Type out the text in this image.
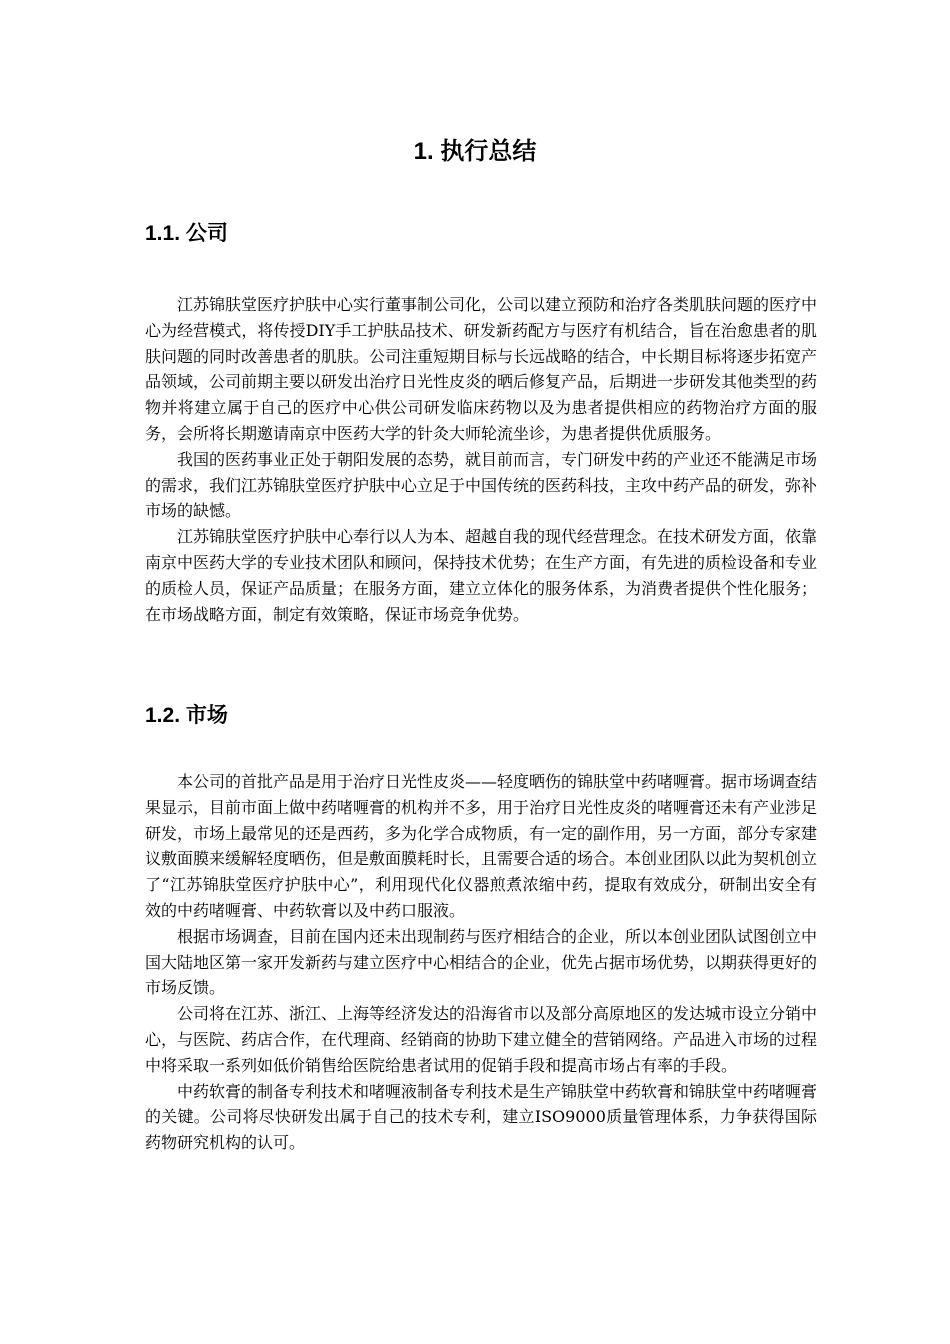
1. 执行总结
1.1. 公司

江苏锦肤堂医疗护肤中心实行董事制公司化，公司以建立预防和治疗各类肌肤问题的医疗中心为经营模式，将传授DIY手工护肤品技术、研发新药配方与医疗有机结合，旨在治愈患者的肌肤问题的同时改善患者的肌肤。公司注重短期目标与长远战略的结合，中长期目标将逐步拓宽产品领域，公司前期主要以研发出治疗日光性皮炎的晒后修复产品，后期进一步研发其他类型的药物并将建立属于自己的医疗中心供公司研发临床药物以及为患者提供相应的药物治疗方面的服务，会所将长期邀请南京中医药大学的针灸大师轮流坐诊，为患者提供优质服务。

我国的医药事业正处于朝阳发展的态势，就目前而言，专门研发中药的产业还不能满足市场的需求，我们江苏锦肤堂医疗护肤中心立足于中国传统的医药科技，主攻中药产品的研发，弥补市场的缺憾。

江苏锦肤堂医疗护肤中心奉行以人为本、超越自我的现代经营理念。在技术研发方面，依靠南京中医药大学的专业技术团队和顾问，保持技术优势；在生产方面，有先进的质检设备和专业的质检人员，保证产品质量；在服务方面，建立立体化的服务体系，为消费者提供个性化服务；在市场战略方面，制定有效策略，保证市场竞争优势。

1.2. 市场

本公司的首批产品是用于治疗日光性皮炎——轻度晒伤的锦肤堂中药啫喱膏。据市场调查结果显示，目前市面上做中药啫喱膏的机构并不多，用于治疗日光性皮炎的啫喱膏还未有产业涉足研发，市场上最常见的还是西药，多为化学合成物质，有一定的副作用，另一方面，部分专家建议敷面膜来缓解轻度晒伤，但是敷面膜耗时长，且需要合适的场合。本创业团队以此为契机创立了“江苏锦肤堂医疗护肤中心”，利用现代化仪器煎煮浓缩中药，提取有效成分，研制出安全有效的中药啫喱膏、中药软膏以及中药口服液。

根据市场调查，目前在国内还未出现制药与医疗相结合的企业，所以本创业团队试图创立中国大陆地区第一家开发新药与建立医疗中心相结合的企业，优先占据市场优势，以期获得更好的市场反馈。

公司将在江苏、浙江、上海等经济发达的沿海省市以及部分高原地区的发达城市设立分销中心，与医院、药店合作，在代理商、经销商的协助下建立健全的营销网络。产品进入市场的过程中将采取一系列如低价销售给医院给患者试用的促销手段和提高市场占有率的手段。

中药软膏的制备专利技术和啫喱液制备专利技术是生产锦肤堂中药软膏和锦肤堂中药啫喱膏的关键。公司将尽快研发出属于自己的技术专利，建立ISO9000质量管理体系，力争获得国际药物研究机构的认可。
